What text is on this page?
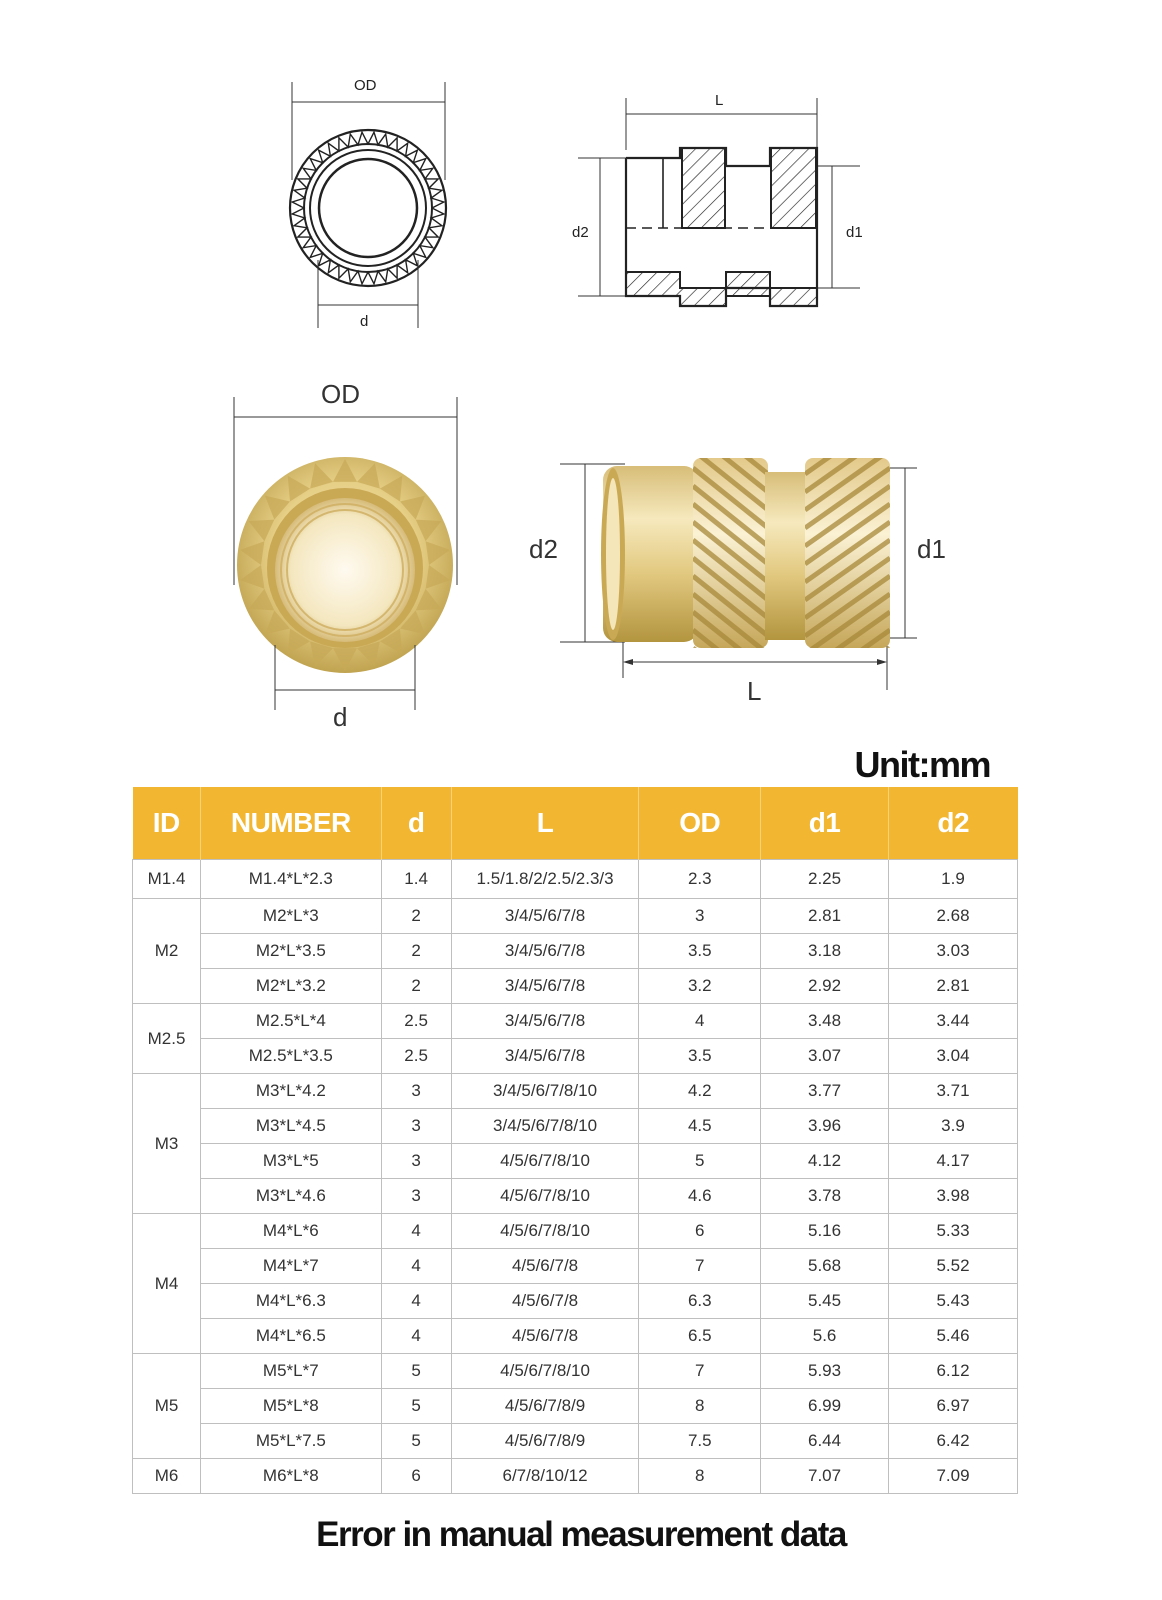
OD
d
L
d2	d1
OD
d
d2	d1
L
Unit:mm
ID	NUMBER	d	L	OD	d1	d2
M1.4	M1.4*L*2.3	1.4	1.5/1.8/2/2.5/2.3/3	2.3	2.25	1.9
M2	M2*L*3	2	3/4/5/6/7/8	3	2.81	2.68
	M2*L*3.5	2	3/4/5/6/7/8	3.5	3.18	3.03
	M2*L*3.2	2	3/4/5/6/7/8	3.2	2.92	2.81
M2.5	M2.5*L*4	2.5	3/4/5/6/7/8	4	3.48	3.44
	M2.5*L*3.5	2.5	3/4/5/6/7/8	3.5	3.07	3.04
M3	M3*L*4.2	3	3/4/5/6/7/8/10	4.2	3.77	3.71
	M3*L*4.5	3	3/4/5/6/7/8/10	4.5	3.96	3.9
	M3*L*5	3	4/5/6/7/8/10	5	4.12	4.17
	M3*L*4.6	3	4/5/6/7/8/10	4.6	3.78	3.98
M4	M4*L*6	4	4/5/6/7/8/10	6	5.16	5.33
	M4*L*7	4	4/5/6/7/8	7	5.68	5.52
	M4*L*6.3	4	4/5/6/7/8	6.3	5.45	5.43
	M4*L*6.5	4	4/5/6/7/8	6.5	5.6	5.46
M5	M5*L*7	5	4/5/6/7/8/10	7	5.93	6.12
	M5*L*8	5	4/5/6/7/8/9	8	6.99	6.97
	M5*L*7.5	5	4/5/6/7/8/9	7.5	6.44	6.42
M6	M6*L*8	6	6/7/8/10/12	8	7.07	7.09
Error in manual measurement data
